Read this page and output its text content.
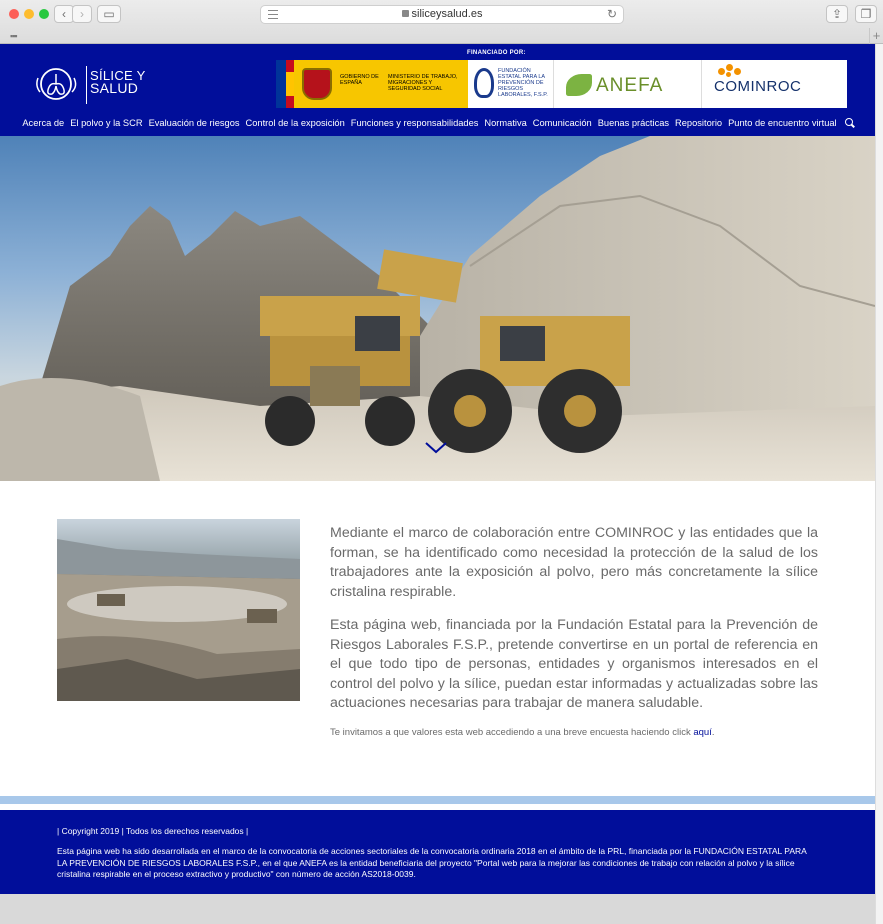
‹	›	▭	siliceysalud.es	↻	⇪	❐
▪▪▪	+
SÍLICE Y
SALUD
FINANCIADO POR:
GOBIERNO DE ESPAÑA
MINISTERIO DE TRABAJO, MIGRACIONES Y SEGURIDAD SOCIAL
FUNDACIÓN ESTATAL PARA LA PREVENCIÓN DE RIESGOS LABORALES, F.S.P.	ANEFA	COMINROC
Acerca de El polvo y la SCR Evaluación de riesgos Control de la exposición Funciones y responsabilidades Normativa Comunicación Buenas prácticas Repositorio Punto de encuentro virtual

Mediante el marco de colaboración entre COMINROC y las entidades que la forman, se ha identificado como necesidad la protección de la salud de los trabajadores ante la exposición al polvo, pero más concretamente la sílice cristalina respirable.

Esta página web, financiada por la Fundación Estatal para la Prevención de Riesgos Laborales F.S.P., pretende convertirse en un portal de referencia en el que todo tipo de personas, entidades y organismos interesados en el control del polvo y la sílice, puedan estar informadas y actualizadas sobre las actuaciones necesarias para trabajar de manera saludable.

Te invitamos a que valores esta web accediendo a una breve encuesta haciendo click aquí.
| Copyright 2019 | Todos los derechos reservados |
Esta página web ha sido desarrollada en el marco de la convocatoria de acciones sectoriales de la convocatoria ordinaria 2018 en el ámbito de la PRL, financiada por la FUNDACIÓN ESTATAL PARA LA PREVENCIÓN DE RIESGOS LABORALES F.S.P., en el que ANEFA es la entidad beneficiaria del proyecto "Portal web para la mejorar las condiciones de trabajo con relación al polvo y la sílice cristalina respirable en el proceso extractivo y productivo" con número de acción AS2018-0039.
